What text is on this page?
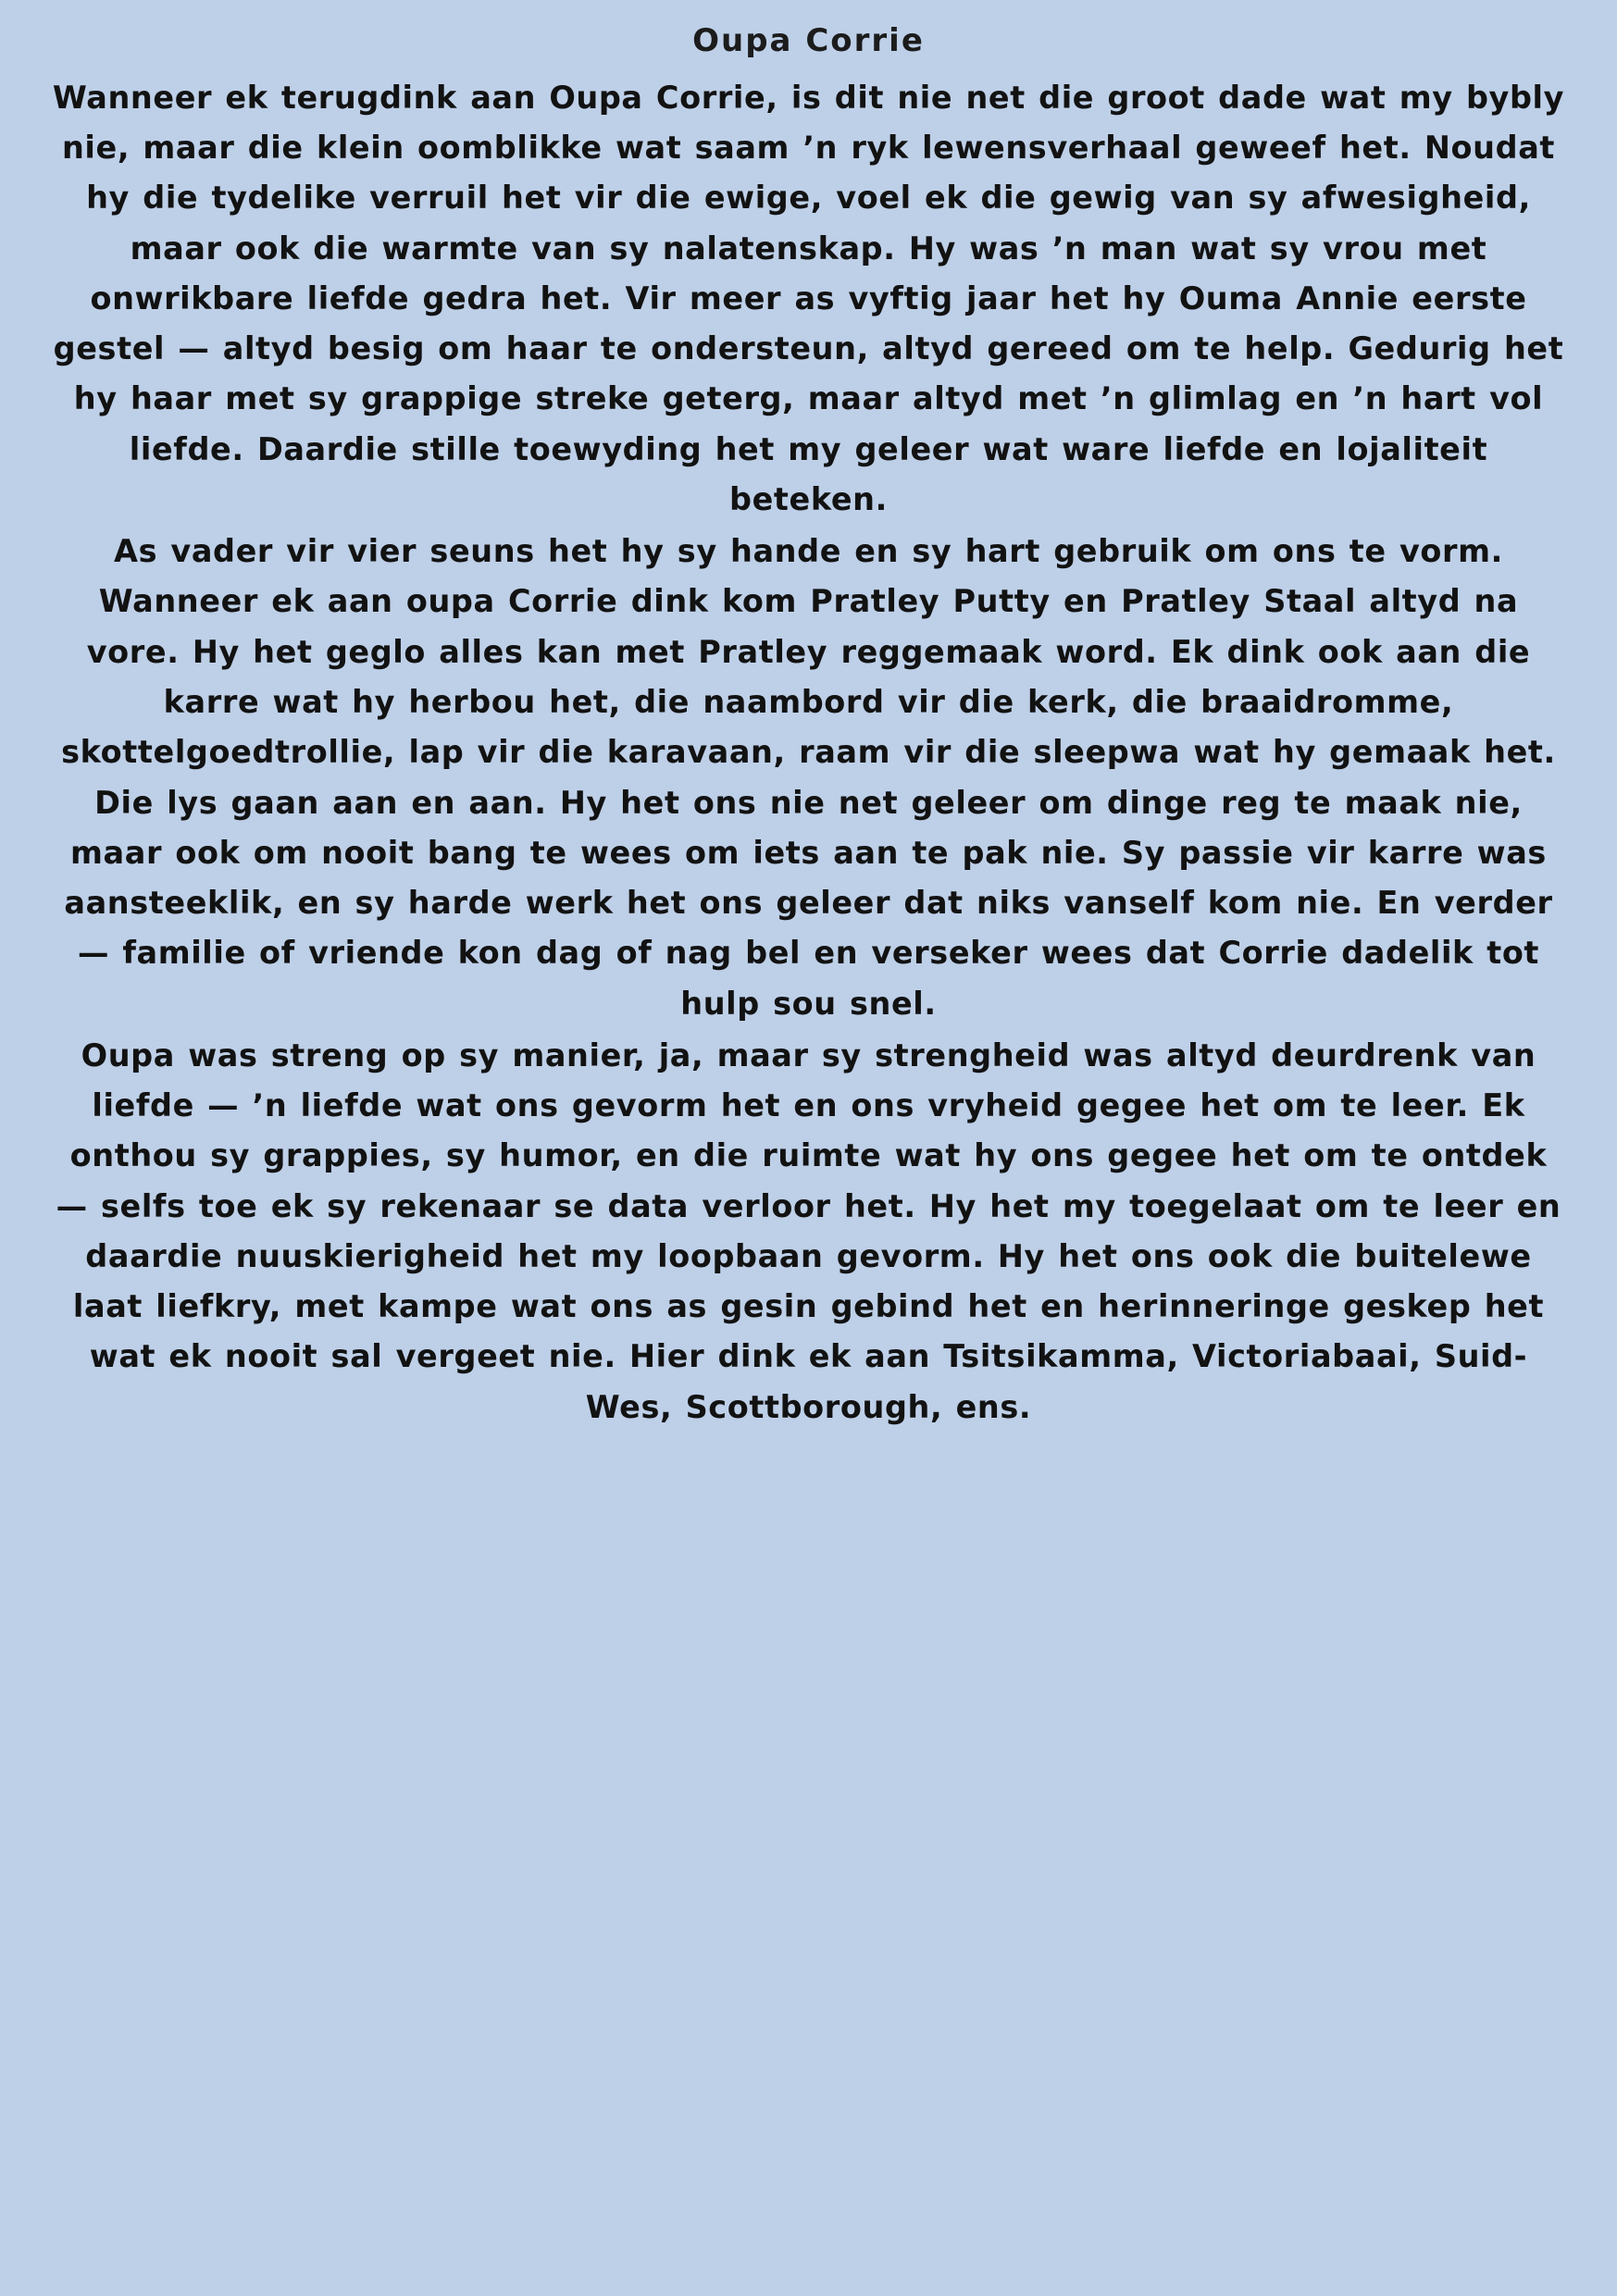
Oupa Corrie

Wanneer ek terugdink aan Oupa Corrie, is dit nie net die groot dade wat my bybly nie, maar die klein oomblikke wat saam ’n ryk lewensverhaal geweef het. Noudat hy die tydelike verruil het vir die ewige, voel ek die gewig van sy afwesigheid, maar ook die warmte van sy nalatenskap. Hy was ’n man wat sy vrou met onwrikbare liefde gedra het. Vir meer as vyftig jaar het hy Ouma Annie eerste gestel — altyd besig om haar te ondersteun, altyd gereed om te help. Gedurig het hy haar met sy grappige streke geterg, maar altyd met ’n glimlag en ’n hart vol liefde. Daardie stille toewyding het my geleer wat ware liefde en lojaliteit beteken.

As vader vir vier seuns het hy sy hande en sy hart gebruik om ons te vorm. Wanneer ek aan oupa Corrie dink kom Pratley Putty en Pratley Staal altyd na vore. Hy het geglo alles kan met Pratley reggemaak word. Ek dink ook aan die karre wat hy herbou het, die naambord vir die kerk, die braaidromme, skottelgoedtrollie, lap vir die karavaan, raam vir die sleepwa wat hy gemaak het. Die lys gaan aan en aan. Hy het ons nie net geleer om dinge reg te maak nie, maar ook om nooit bang te wees om iets aan te pak nie. Sy passie vir karre was aansteeklik, en sy harde werk het ons geleer dat niks vanself kom nie. En verder — familie of vriende kon dag of nag bel en verseker wees dat Corrie dadelik tot hulp sou snel.

Oupa was streng op sy manier, ja, maar sy strengheid was altyd deurdrenk van liefde — ’n liefde wat ons gevorm het en ons vryheid gegee het om te leer. Ek onthou sy grappies, sy humor, en die ruimte wat hy ons gegee het om te ontdek — selfs toe ek sy rekenaar se data verloor het. Hy het my toegelaat om te leer en daardie nuuskierigheid het my loopbaan gevorm. Hy het ons ook die buitelewe laat liefkry, met kampe wat ons as gesin gebind het en herinneringe geskep het wat ek nooit sal vergeet nie. Hier dink ek aan Tsitsikamma, Victoriabaai, Suid-Wes, Scottborough, ens.
